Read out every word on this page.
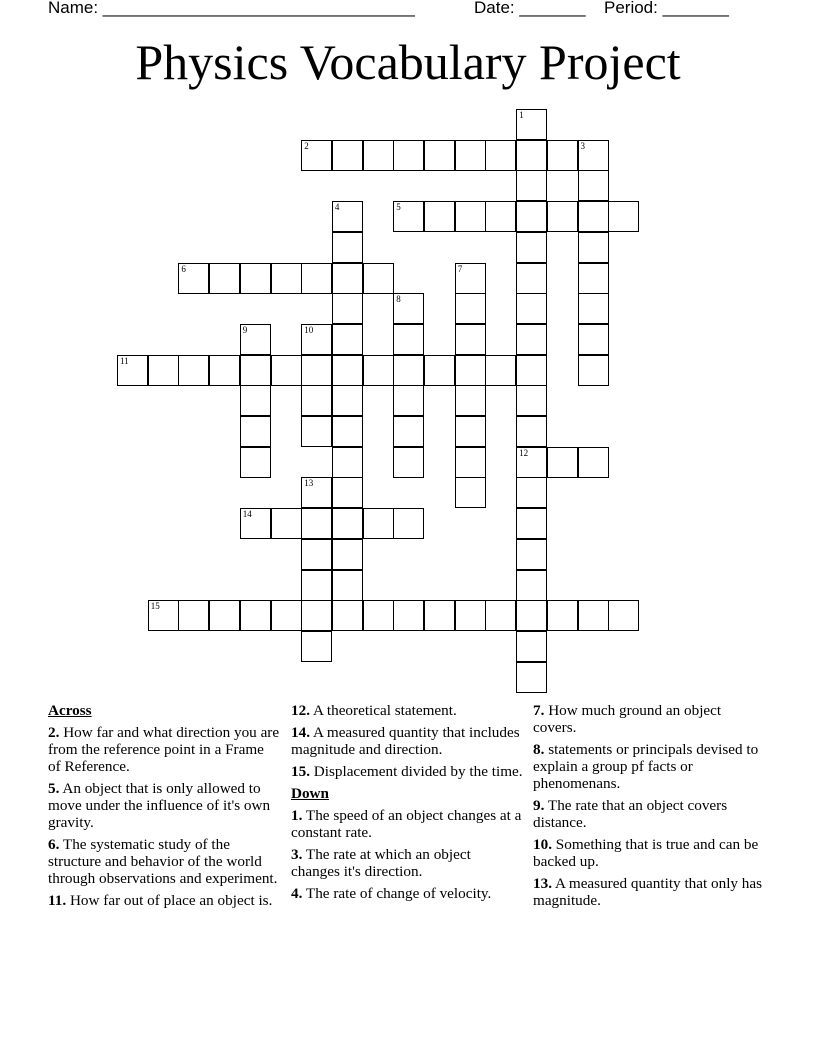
Name: _________________________________	Date: _______ Period: _______
Physics Vocabulary Project
1
12
2	3
4	5
6	7
8
9	10
11
13
14
15
Across
2. How far and what direction you are from the reference point in a Frame of Reference.
5. An object that is only allowed to move under the influence of it's own gravity.
6. The systematic study of the structure and behavior of the world through observations and experiment.
11. How far out of place an object is.
12. A theoretical statement.
14. A measured quantity that includes magnitude and direction.
15. Displacement divided by the time.
Down
1. The speed of an object changes at a constant rate.
3. The rate at which an object changes it's direction.
4. The rate of change of velocity.
7. How much ground an object covers.
8. statements or principals devised to explain a group pf facts or phenomenans.
9. The rate that an object covers distance.
10. Something that is true and can be backed up.
13. A measured quantity that only has magnitude.
